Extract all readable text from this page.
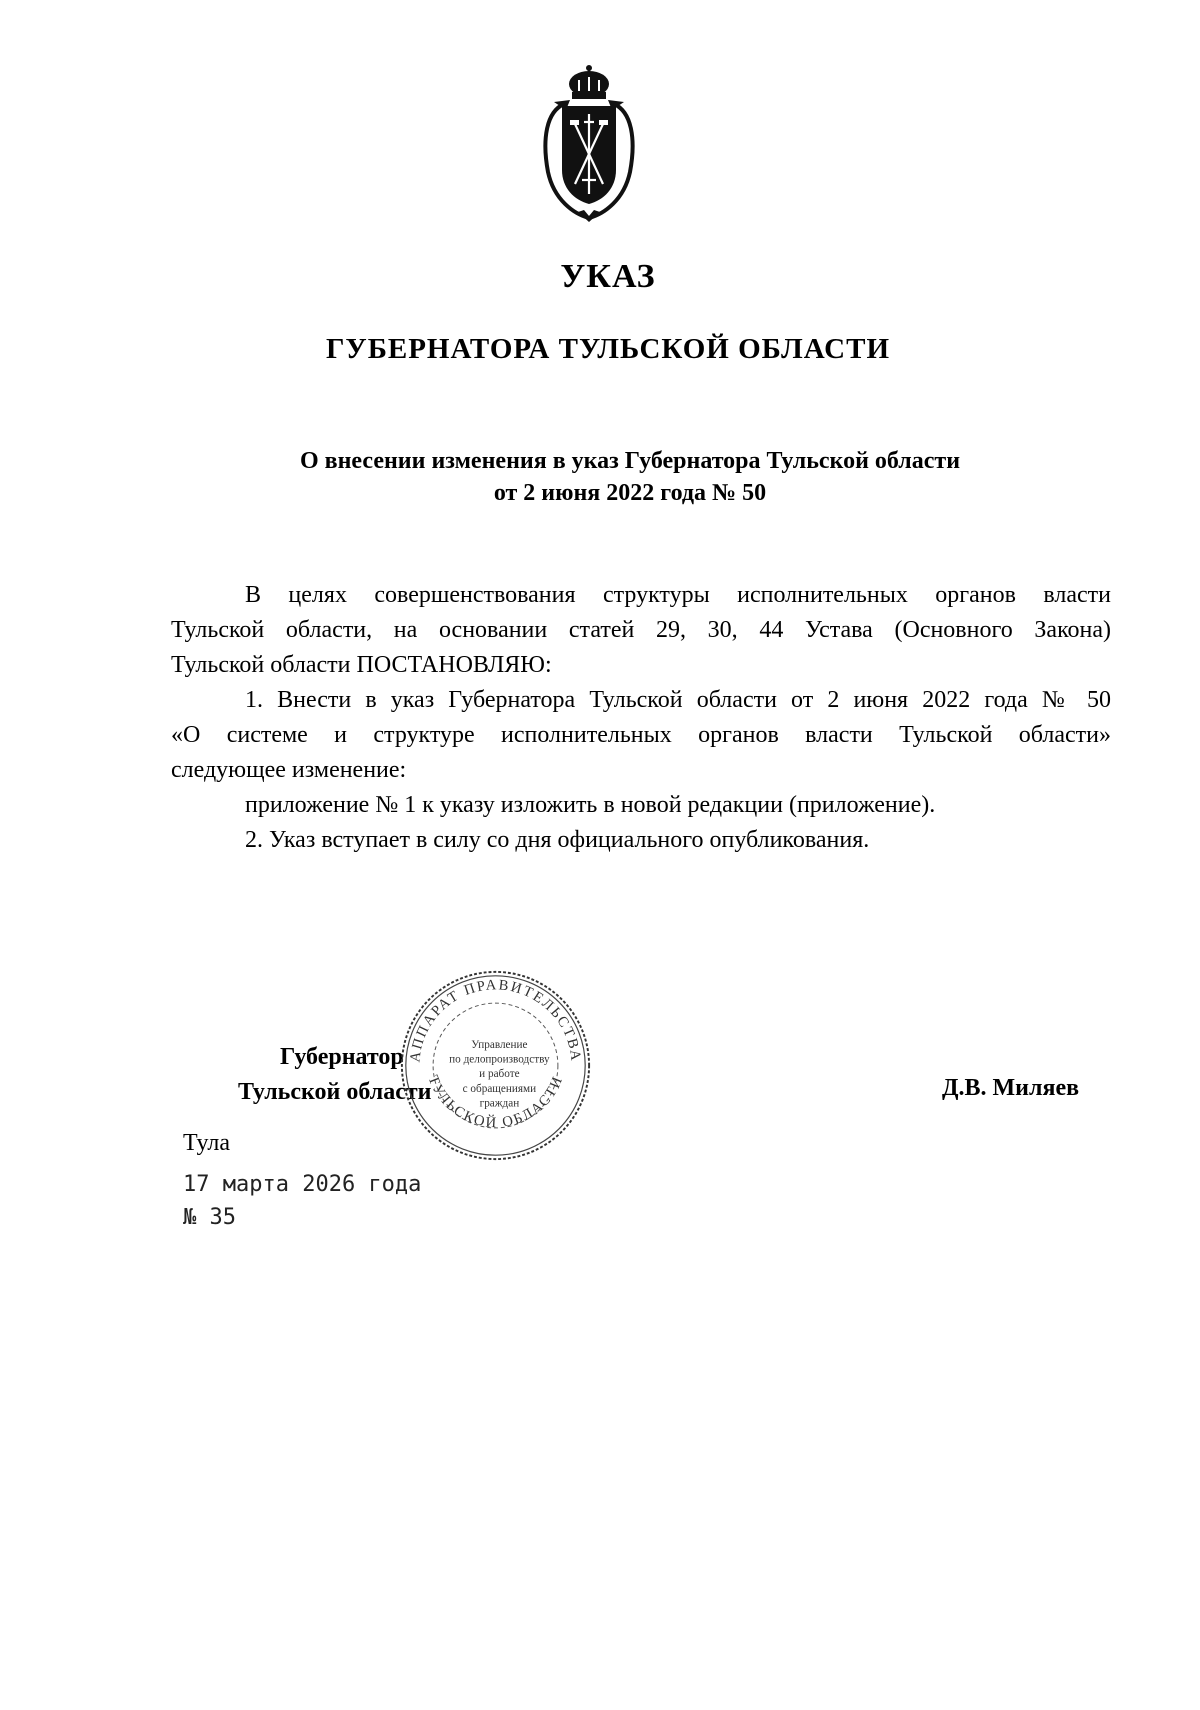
УКАЗ
ГУБЕРНАТОРА ТУЛЬСКОЙ ОБЛАСТИ
О внесении изменения в указ Губернатора Тульской области
от 2 июня 2022 года № 50
В целях совершенствования структуры исполнительных органов власти
Тульской области, на основании статей 29, 30, 44 Устава (Основного Закона)
Тульской области ПОСТАНОВЛЯЮ:
1. Внести в указ Губернатора Тульской области от 2 июня 2022 года № 50
«О системе и структуре исполнительных органов власти Тульской области»
следующее изменение:
приложение № 1 к указу изложить в новой редакции (приложение).
2. Указ вступает в силу со дня официального опубликования.
Губернатор
Тульской области	Д.В. Миляев
АППАРАТ ПРАВИТЕЛЬСТВА
ТУЛЬСКОЙ ОБЛАСТИ
Управление
по делопроизводству
и работе
с обращениями
граждан
Тула
17 марта 2026 года
№ 35
